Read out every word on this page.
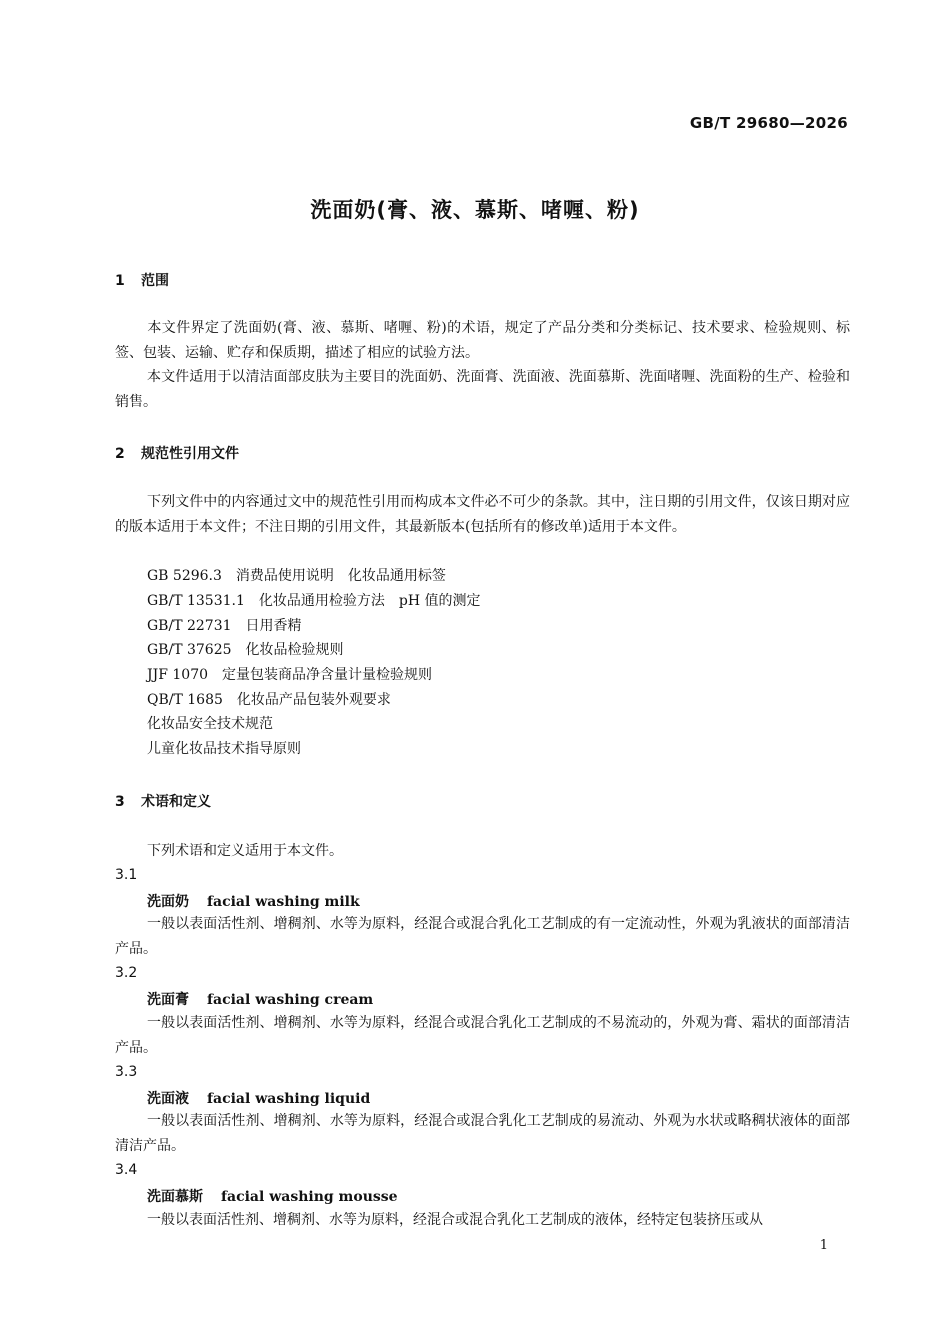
GB/T 29680—2026
洗面奶(膏、液、慕斯、啫喱、粉)
1 范围
本文件界定了洗面奶(膏、液、慕斯、啫喱、粉)的术语，规定了产品分类和分类标记、技术要求、检验规则、标签、包装、运输、贮存和保质期，描述了相应的试验方法。
本文件适用于以清洁面部皮肤为主要目的洗面奶、洗面膏、洗面液、洗面慕斯、洗面啫喱、洗面粉的生产、检验和销售。
2 规范性引用文件
下列文件中的内容通过文中的规范性引用而构成本文件必不可少的条款。其中，注日期的引用文件，仅该日期对应的版本适用于本文件；不注日期的引用文件，其最新版本(包括所有的修改单)适用于本文件。
GB 5296.3 消费品使用说明　化妆品通用标签
GB/T 13531.1 化妆品通用检验方法　pH 值的测定
GB/T 22731 日用香精
GB/T 37625 化妆品检验规则
JJF 1070 定量包装商品净含量计量检验规则
QB/T 1685 化妆品产品包装外观要求
化妆品安全技术规范
儿童化妆品技术指导原则
3 术语和定义
下列术语和定义适用于本文件。
3.1
洗面奶 facial washing milk
一般以表面活性剂、增稠剂、水等为原料，经混合或混合乳化工艺制成的有一定流动性，外观为乳液状的面部清洁产品。
3.2
洗面膏 facial washing cream
一般以表面活性剂、增稠剂、水等为原料，经混合或混合乳化工艺制成的不易流动的，外观为膏、霜状的面部清洁产品。
3.3
洗面液 facial washing liquid
一般以表面活性剂、增稠剂、水等为原料，经混合或混合乳化工艺制成的易流动、外观为水状或略稠状液体的面部清洁产品。
3.4
洗面慕斯 facial washing mousse
一般以表面活性剂、增稠剂、水等为原料，经混合或混合乳化工艺制成的液体，经特定包装挤压或从
1
